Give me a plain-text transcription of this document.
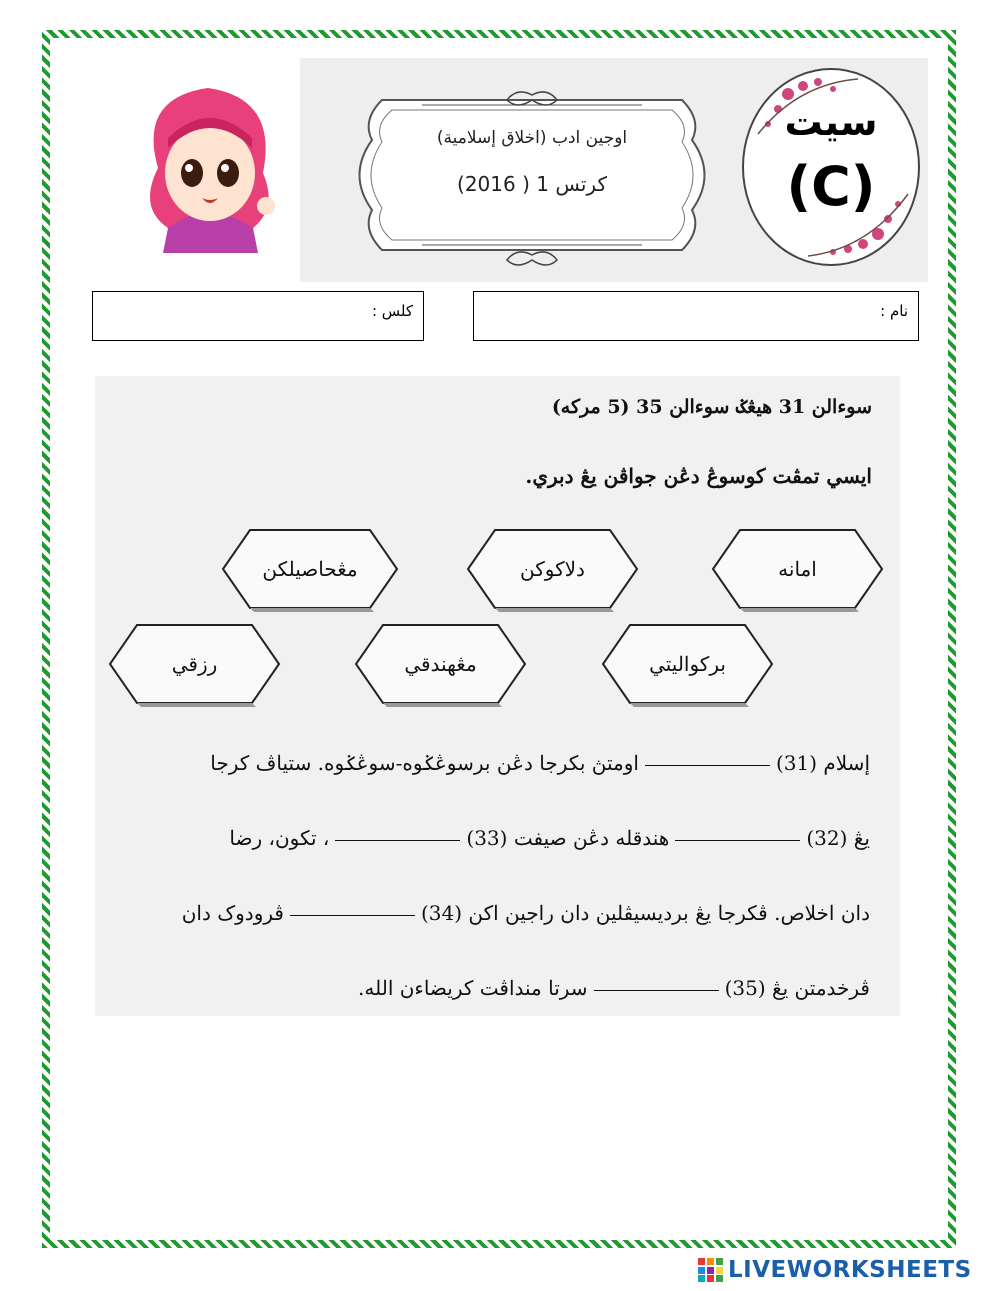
اوجين ادب (اخلاق إسلامية)
كرتس 1 ( 2016)
سيت
(C)
كلس :	نام :
سوءالن 31 هيڠݢ سوءالن 35 (5 مركه)
ايسي تمڤت كوسوڠ دڠن جواڤن يڠ دبري.
امانه
دلاكوكن
مڠحاصيلكن
بركواليتي
مڠهندقي
رزقي
إسلام (31)اومتڽ بكرجا دڠن برسوڠݢوه-سوڠݢوه. ستياڤ كرجا
يڠ (32)هندقله دڠن صيفت (33)، تكون، رضا
دان اخلاص. ڤكرجا يڠ برديسيڤلين دان راجين اكن (34)ڤرودوک دان
ڤرخدمتن يڠ (35)سرتا منداڤت كريضاءن الله.
LIVEWORKSHEETS
